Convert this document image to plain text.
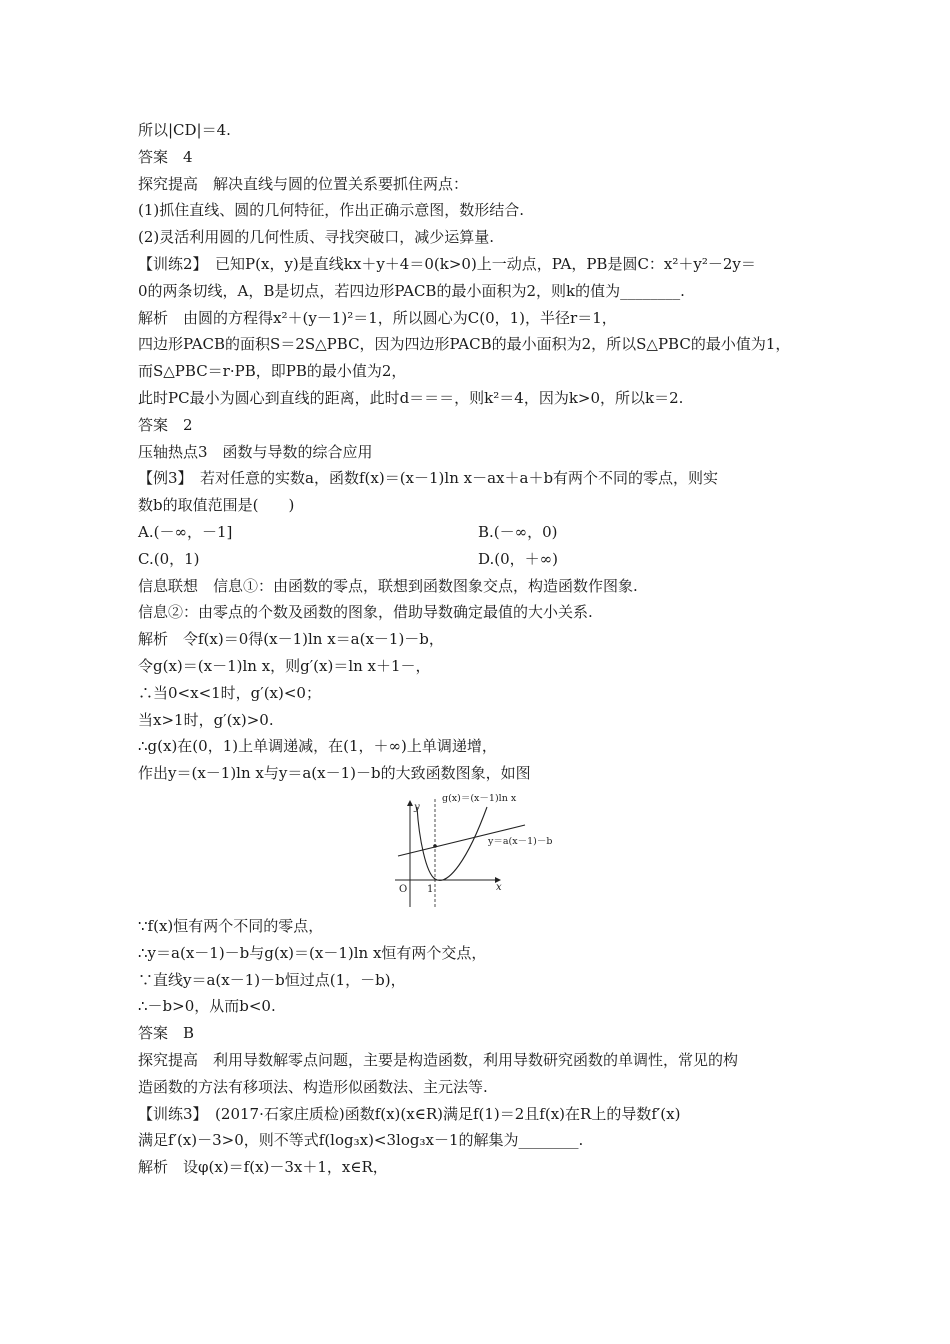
所以|CD|＝4.
答案　4
探究提高　解决直线与圆的位置关系要抓住两点：
(1)抓住直线、圆的几何特征，作出正确示意图，数形结合.
(2)灵活利用圆的几何性质、寻找突破口，减少运算量.
【训练2】　已知P(x，y)是直线kx＋y＋4＝0(k>0)上一动点，PA，PB是圆C：x²＋y²－2y＝
0的两条切线，A，B是切点，若四边形PACB的最小面积为2，则k的值为________.
解析　由圆的方程得x²＋(y－1)²＝1，所以圆心为C(0，1)，半径r＝1，
四边形PACB的面积S＝2S△PBC，因为四边形PACB的最小面积为2，所以S△PBC的最小值为1，
而S△PBC＝r·PB，即PB的最小值为2，
此时PC最小为圆心到直线的距离，此时d＝＝＝，则k²＝4，因为k>0，所以k＝2.
答案　2
压轴热点3　函数与导数的综合应用
【例3】　若对任意的实数a，函数f(x)＝(x－1)ln x－ax＋a＋b有两个不同的零点，则实
数b的取值范围是(　　)
A.(－∞，－1]	B.(－∞，0)
C.(0，1)	D.(0，＋∞)
信息联想　信息①：由函数的零点，联想到函数图象交点，构造函数作图象.
信息②：由零点的个数及函数的图象，借助导数确定最值的大小关系.
解析　令f(x)＝0得(x－1)ln x＝a(x－1)－b，
令g(x)＝(x－1)ln x，则g′(x)＝ln x＋1－，
∴当0<x<1时，g′(x)<0；
当x>1时，g′(x)>0.
∴g(x)在(0，1)上单调递减，在(1，＋∞)上单调递增，
作出y＝(x－1)ln x与y＝a(x－1)－b的大致函数图象，如图
g(x)＝(x－1)ln x
y＝a(x－1)－b
y
x
O 1
∵f(x)恒有两个不同的零点，
∴y＝a(x－1)－b与g(x)＝(x－1)ln x恒有两个交点，
∵直线y＝a(x－1)－b恒过点(1，－b)，
∴－b>0，从而b<0.
答案　B
探究提高　利用导数解零点问题，主要是构造函数，利用导数研究函数的单调性，常见的构
造函数的方法有移项法、构造形似函数法、主元法等.
【训练3】　(2017·石家庄质检)函数f(x)(x∈R)满足f(1)＝2且f(x)在R上的导数f′(x)
满足f′(x)－3>0，则不等式f(log₃x)<3log₃x－1的解集为________.
解析　设φ(x)＝f(x)－3x＋1，x∈R，
